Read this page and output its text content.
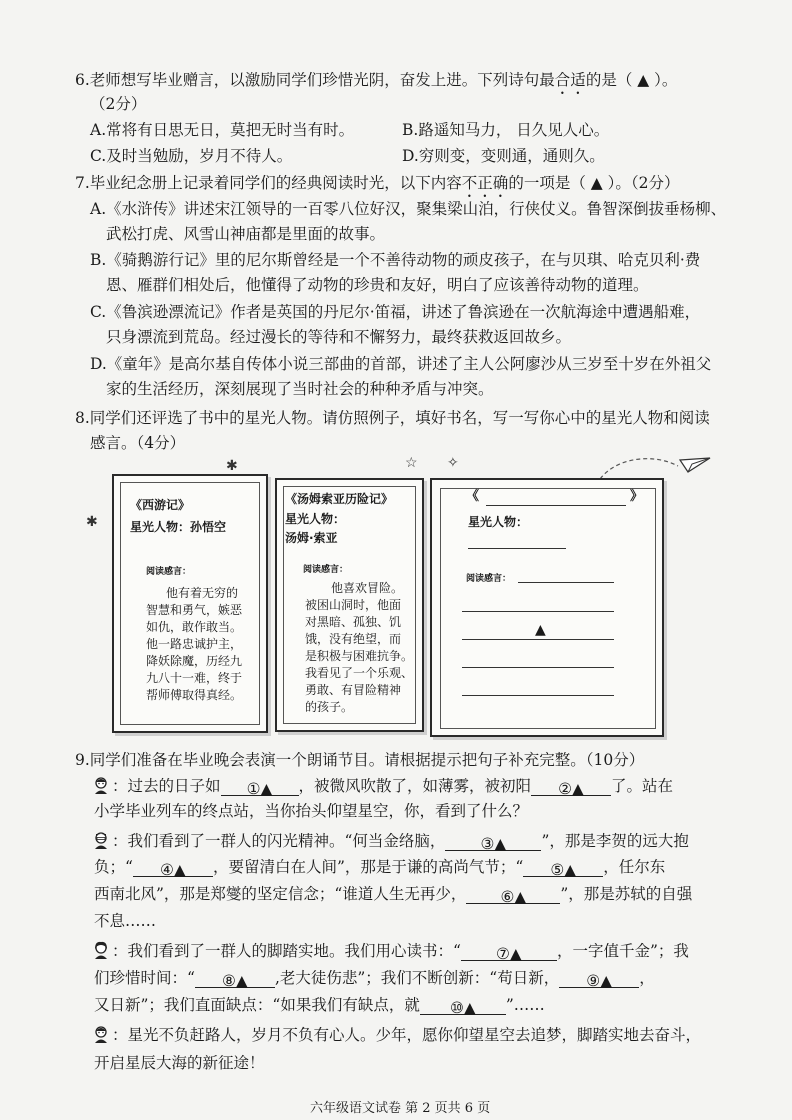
6.老师想写毕业赠言，以激励同学们珍惜光阴，奋发上进。下列诗句最合适的是（ ▲ ）。
（2分）
A.常将有日思无日，莫把无时当有时。	B.路遥知马力， 日久见人心。
C.及时当勉励，岁月不待人。	D.穷则变，变则通，通则久。
7.毕业纪念册上记录着同学们的经典阅读时光，以下内容不正确的一项是（ ▲ ）。（2分）
A.《水浒传》讲述宋江领导的一百零八位好汉，聚集梁山泊，行侠仗义。鲁智深倒拔垂杨柳、
武松打虎、风雪山神庙都是里面的故事。
B.《骑鹅游行记》里的尼尔斯曾经是一个不善待动物的顽皮孩子，在与贝琪、哈克贝利·费
恩、雁群们相处后，他懂得了动物的珍贵和友好，明白了应该善待动物的道理。
C.《鲁滨逊漂流记》作者是英国的丹尼尔·笛福，讲述了鲁滨逊在一次航海途中遭遇船难，
只身漂流到荒岛。经过漫长的等待和不懈努力，最终获救返回故乡。
D.《童年》是高尔基自传体小说三部曲的首部，讲述了主人公阿廖沙从三岁至十岁在外祖父
家的生活经历，深刻展现了当时社会的种种矛盾与冲突。
8.同学们还评选了书中的星光人物。请仿照例子，填好书名，写一写你心中的星光人物和阅读
感言。（4分）
✱
✱
☆ ✧
《西游记》
星光人物：孙悟空
阅读感言：
他有着无穷的
智慧和勇气，嫉恶
如仇，敢作敢当。
他一路忠诚护主，
降妖除魔，历经九
九八十一难，终于
帮师傅取得真经。
《汤姆索亚历险记》
星光人物：
汤姆·索亚
阅读感言：
他喜欢冒险。
被困山洞时，他面
对黑暗、孤独、饥
饿，没有绝望，而
是积极与困难抗争。
我看见了一个乐观、
勇敢、有冒险精神
的孩子。
《	》
星光人物：
阅读感言：
▲
9.同学们准备在毕业晚会表演一个朗诵节目。请根据提示把句子补充完整。（10分）
：过去的日子如 ①▲ ，被微风吹散了，如薄雾，被初阳 ②▲ 了。站在
小学毕业列车的终点站，当你抬头仰望星空，你，看到了什么？
：我们看到了一群人的闪光精神。“何当金络脑， ③▲ ”，那是李贺的远大抱
负；“ ④▲ ，要留清白在人间”，那是于谦的高尚气节；“ ⑤▲ ，任尔东
西南北风”，那是郑燮的坚定信念；“谁道人生无再少， ⑥▲ ”，那是苏轼的自强
不息……
：我们看到了一群人的脚踏实地。我们用心读书：“ ⑦▲ ，一字值千金”；我
们珍惜时间：“ ⑧▲ ,老大徒伤悲”；我们不断创新：“苟日新， ⑨▲ ，
又日新”；我们直面缺点：“如果我们有缺点，就 ⑩▲ ”……
：星光不负赶路人，岁月不负有心人。少年，愿你仰望星空去追梦，脚踏实地去奋斗，
开启星辰大海的新征途！
六年级语文试卷 第 2 页共 6 页
